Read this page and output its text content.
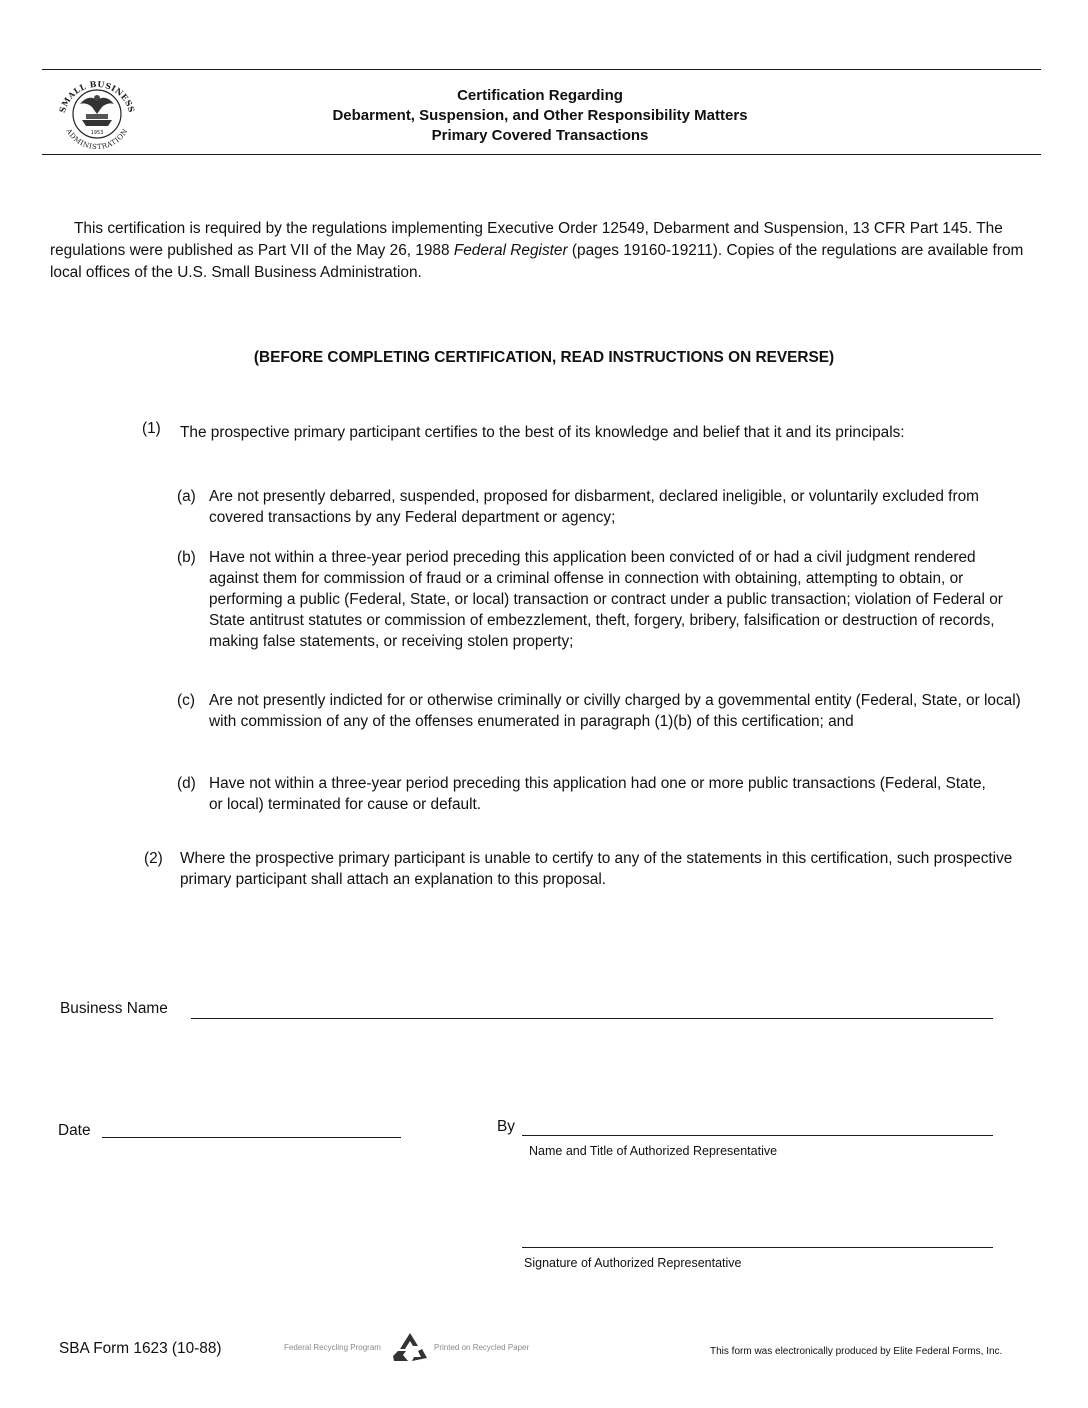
SMALL BUSINESS
ADMINISTRATION
1953
Certification Regarding
Debarment, Suspension, and Other Responsibility Matters
Primary Covered Transactions
This certification is required by the regulations implementing Executive Order 12549, Debarment and Suspension, 13 CFR Part 145. The regulations were published as Part VII of the May 26, 1988 Federal Register (pages 19160-19211). Copies of the regulations are available from local offices of the U.S. Small Business Administration.
(BEFORE COMPLETING CERTIFICATION, READ INSTRUCTIONS ON REVERSE)
(1) The prospective primary participant certifies to the best of its knowledge and belief that it and its principals:
(a) Are not presently debarred, suspended, proposed for disbarment, declared ineligible, or voluntarily excluded from covered transactions by any Federal department or agency;
(b) Have not within a three-year period preceding this application been convicted of or had a civil judgment rendered against them for commission of fraud or a criminal offense in connection with obtaining, attempting to obtain, or performing a public (Federal, State, or local) transaction or contract under a public transaction; violation of Federal or State antitrust statutes or commission of embezzlement, theft, forgery, bribery, falsification or destruction of records, making false statements, or receiving stolen property;
(c) Are not presently indicted for or otherwise criminally or civilly charged by a govemmental entity (Federal, State, or local) with commission of any of the offenses enumerated in paragraph (1)(b) of this certification; and
(d) Have not within a three-year period preceding this application had one or more public transactions (Federal, State, or local) terminated for cause or default.
(2) Where the prospective primary participant is unable to certify to any of the statements in this certification, such prospective primary participant shall attach an explanation to this proposal.
Business Name
Date	By
Name and Title of Authorized Representative
Signature of Authorized Representative
SBA Form 1623 (10-88)	Federal Recycling Program	Printed on Recycled Paper	This form was electronically produced by Elite Federal Forms, Inc.
